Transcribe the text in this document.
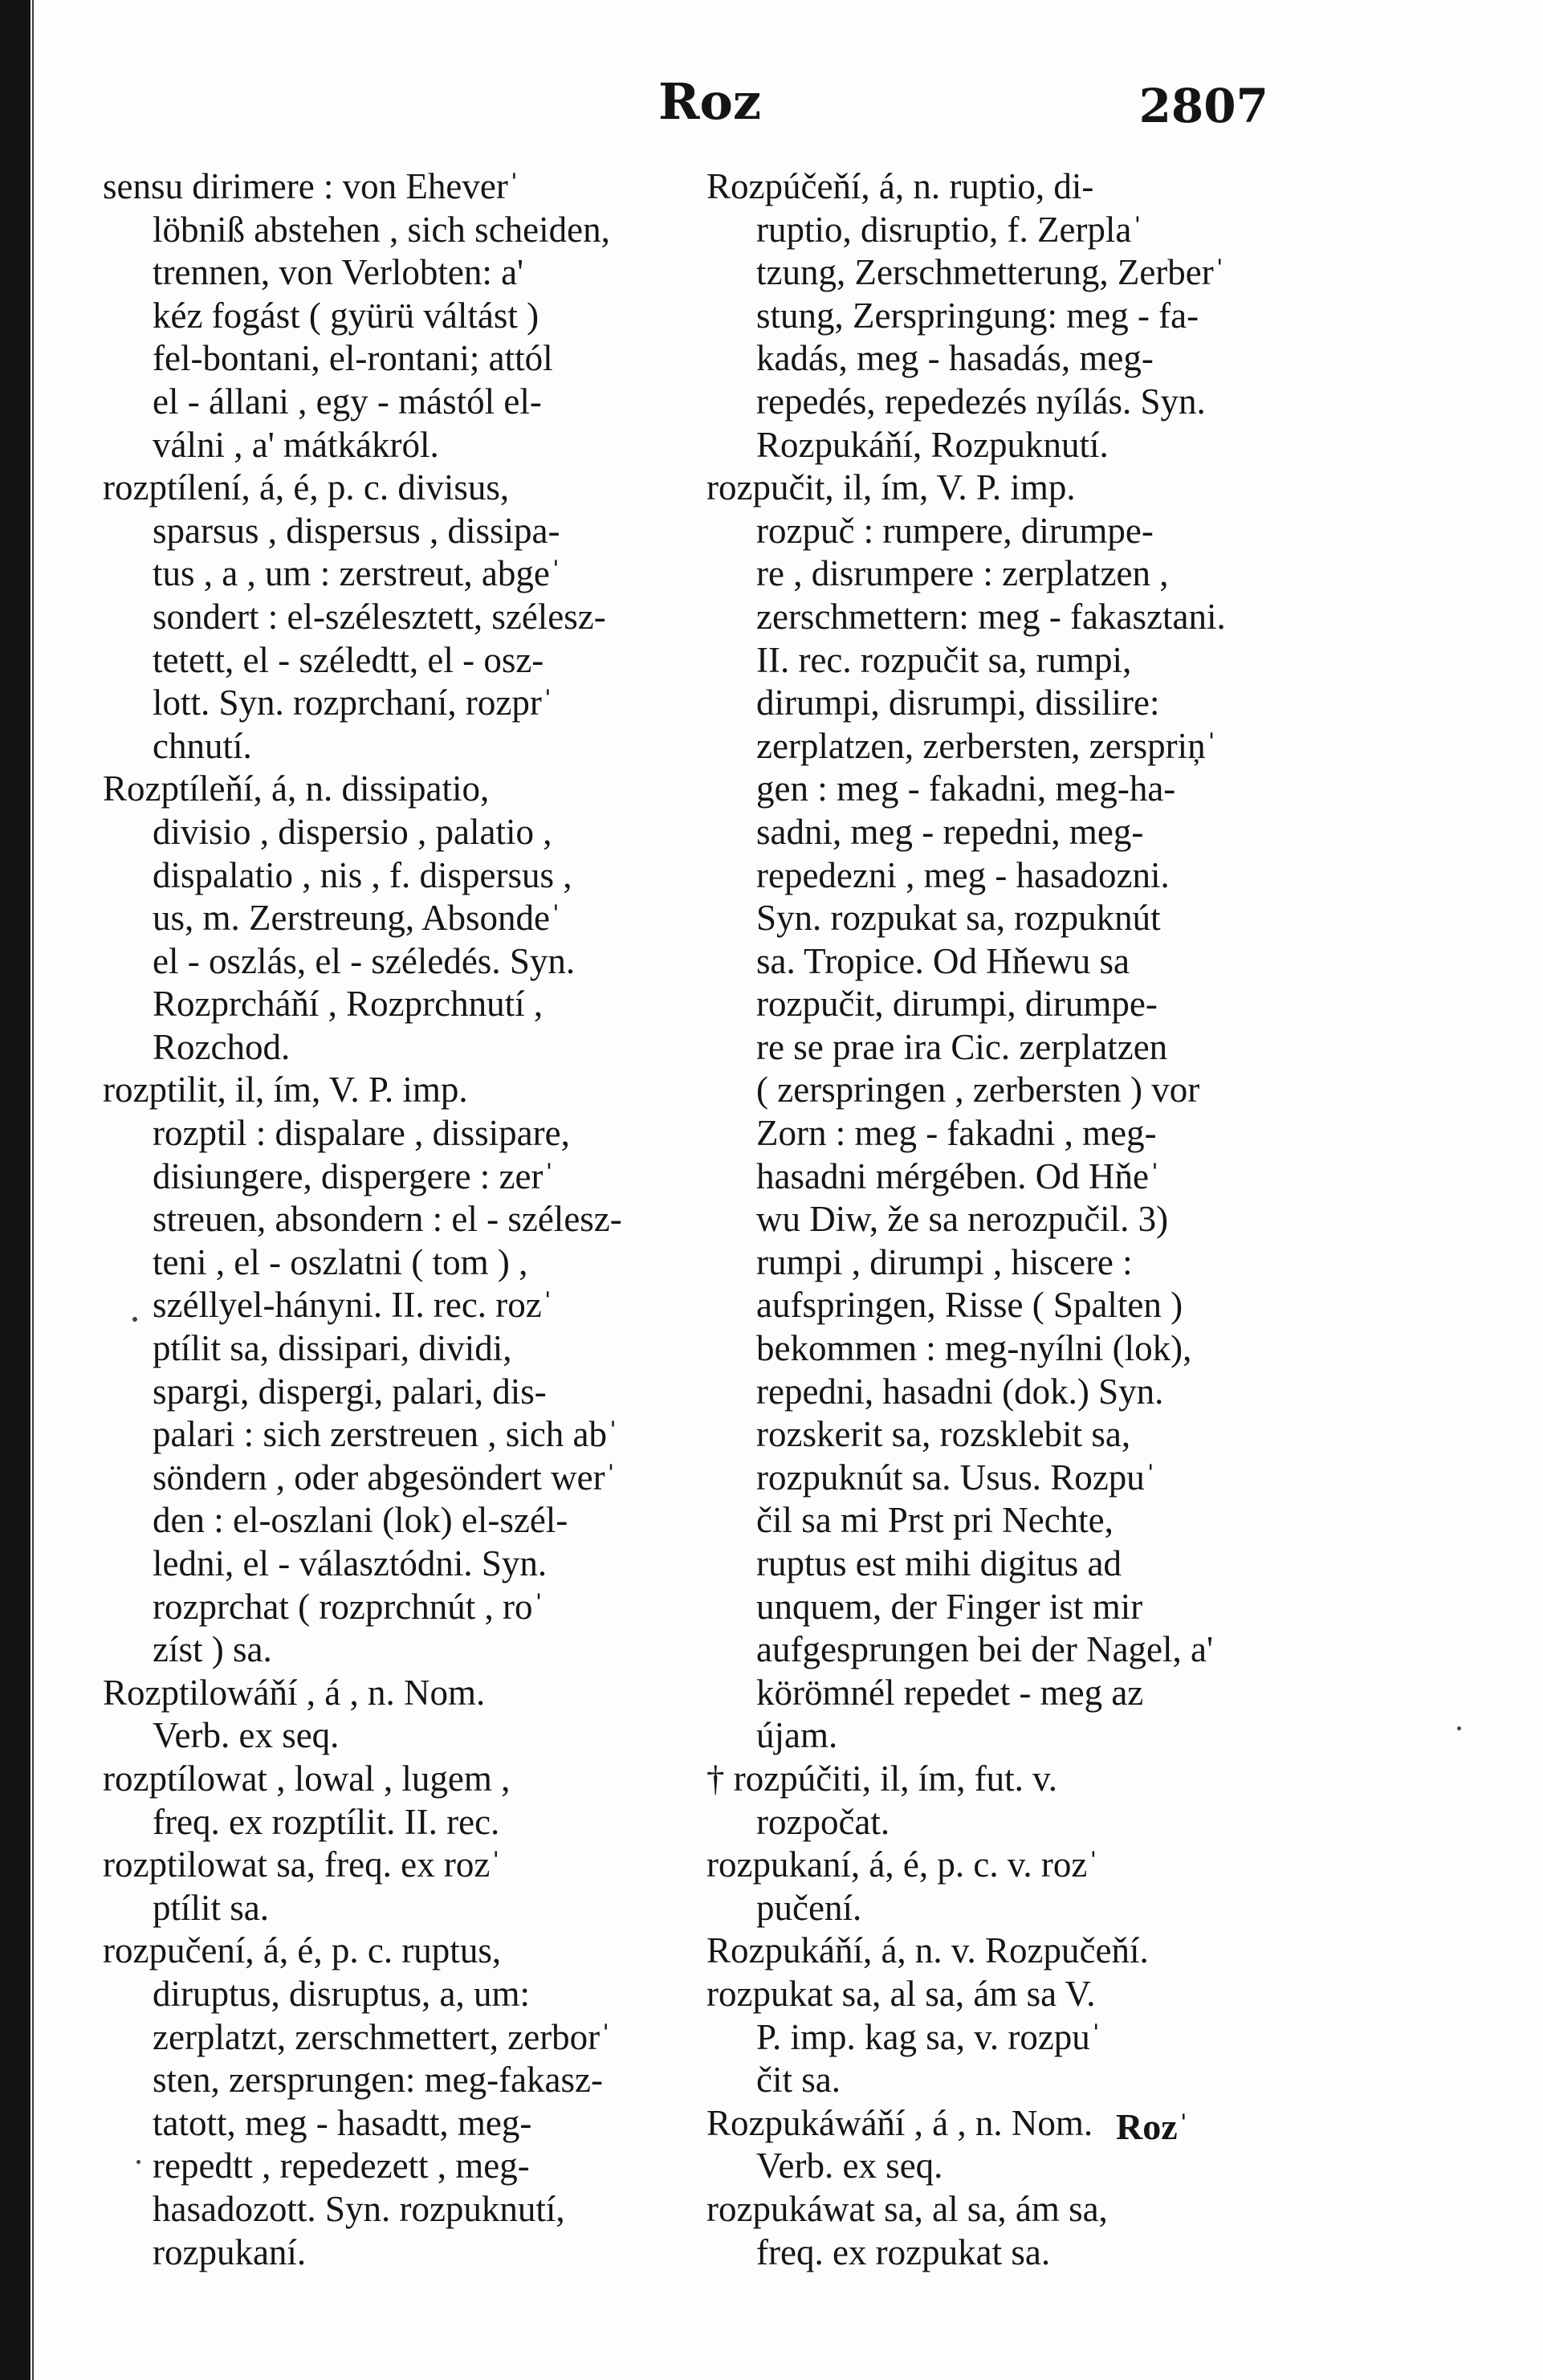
2807
Roz
sensu dirimere : von Eheverˈ
löbniß abstehen , sich scheiden,
trennen, von Verlobten: a'
kéz fogást ( gyürü váltást )
fel-bontani, el-rontani; attól
el - állani , egy - mástól el-
válni , a' mátkákról.
rozptílení, á, é, p. c. divisus,
sparsus , dispersus , dissipa-
tus , a , um : zerstreut, abgeˈ
sondert : el-szélesztett, szélesz-
tetett, el - széledtt, el - osz-
lott. Syn. rozprchaní, rozprˈ
chnutí.
Rozptíleňí, á, n. dissipatio,
divisio , dispersio , palatio ,
dispalatio , nis , f. dispersus ,
us, m. Zerstreung, Absondeˈ
el - oszlás, el - széledés. Syn.
Rozprcháňí , Rozprchnutí ,
Rozchod.
rozptilit, il, ím, V. P. imp.
rozptil : dispalare , dissipare,
disiungere, dispergere : zerˈ
streuen, absondern : el - szélesz-
teni , el - oszlatni ( tom ) ,
széllyel-hányni. II. rec. rozˈ
ptílit sa, dissipari, dividi,
spargi, dispergi, palari, dis-
palari : sich zerstreuen , sich abˈ
söndern , oder abgesöndert werˈ
den : el-oszlani (lok) el-szél-
ledni, el - választódni. Syn.
rozprchat ( rozprchnút , roˈ
zíst ) sa.
Rozptilowáňí , á , n. Nom.
Verb. ex seq.
rozptílowat , lowal , lugem ,
freq. ex rozptílit. II. rec.
rozptilowat sa, freq. ex rozˈ
ptílit sa.
rozpučení, á, é, p. c. ruptus,
diruptus, disruptus, a, um:
zerplatzt, zerschmettert, zerborˈ
sten, zersprungen: meg-fakasz-
tatott, meg - hasadtt, meg-
repedtt , repedezett , meg-
hasadozott. Syn. rozpuknutí,
rozpukaní.
Rozpúčeňí, á, n. ruptio, di-
ruptio, disruptio, f. Zerplaˈ
tzung, Zerschmetterung, Zerberˈ
stung, Zerspringung: meg - fa-
kadás, meg - hasadás, meg-
repedés, repedezés nyílás. Syn.
Rozpukáňí, Rozpuknutí.
rozpučit, il, ím, V. P. imp.
rozpuč : rumpere, dirumpe-
re , disrumpere : zerplatzen ,
zerschmettern: meg - fakasztani.
II. rec. rozpučit sa, rumpi,
dirumpi, disrumpi, dissilire:
zerplatzen, zerbersten, zerspriņˈ
gen : meg - fakadni, meg-ha-
sadni, meg - repedni, meg-
repedezni , meg - hasadozni.
Syn. rozpukat sa, rozpuknút
sa. Tropice. Od Hňewu sa
rozpučit, dirumpi, dirumpe-
re se prae ira Cic. zerplatzen
( zerspringen , zerbersten ) vor
Zorn : meg - fakadni , meg-
hasadni mérgében. Od Hňeˈ
wu Diw, že sa nerozpučil. 3)
rumpi , dirumpi , hiscere :
aufspringen, Risse ( Spalten )
bekommen : meg-nyílni (lok),
repedni, hasadni (dok.) Syn.
rozskerit sa, rozsklebit sa,
rozpuknút sa. Usus. Rozpuˈ
čil sa mi Prst pri Nechte,
ruptus est mihi digitus ad
unquem, der Finger ist mir
aufgesprungen bei der Nagel, a'
körömnél repedet - meg az
újam.
† rozpúčiti, il, ím, fut. v.
rozpočat.
rozpukaní, á, é, p. c. v. rozˈ
pučení.
Rozpukáňí, á, n. v. Rozpučeňí.
rozpukat sa, al sa, ám sa V.
P. imp. kag sa, v. rozpuˈ
čit sa.
Rozpukáwáňí , á , n. Nom.
Verb. ex seq.
rozpukáwat sa, al sa, ám sa,
freq. ex rozpukat sa.
Rozˈ
